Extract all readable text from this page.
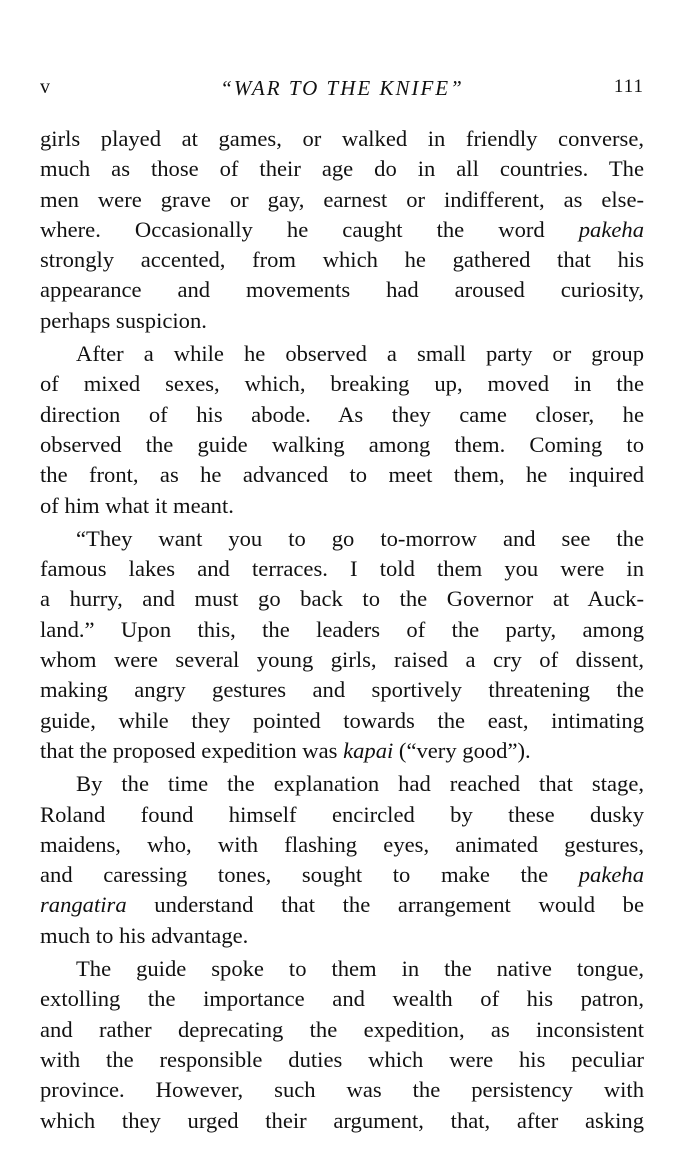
v	“WAR TO THE KNIFE”	111
girls played at games, or walked in friendly converse,
much as those of their age do in all countries. The
men were grave or gay, earnest or indifferent, as else-
where. Occasionally he caught the word pakeha
strongly accented, from which he gathered that his
appearance and movements had aroused curiosity,
perhaps suspicion.
After a while he observed a small party or group
of mixed sexes, which, breaking up, moved in the
direction of his abode. As they came closer, he
observed the guide walking among them. Coming to
the front, as he advanced to meet them, he inquired
of him what it meant.
“They want you to go to-morrow and see the
famous lakes and terraces. I told them you were in
a hurry, and must go back to the Governor at Auck-
land.” Upon this, the leaders of the party, among
whom were several young girls, raised a cry of dissent,
making angry gestures and sportively threatening the
guide, while they pointed towards the east, intimating
that the proposed expedition was kapai (“very good”).
By the time the explanation had reached that stage,
Roland found himself encircled by these dusky
maidens, who, with flashing eyes, animated gestures,
and caressing tones, sought to make the pakeha
rangatira understand that the arrangement would be
much to his advantage.
The guide spoke to them in the native tongue,
extolling the importance and wealth of his patron,
and rather deprecating the expedition, as inconsistent
with the responsible duties which were his peculiar
province. However, such was the persistency with
which they urged their argument, that, after asking
